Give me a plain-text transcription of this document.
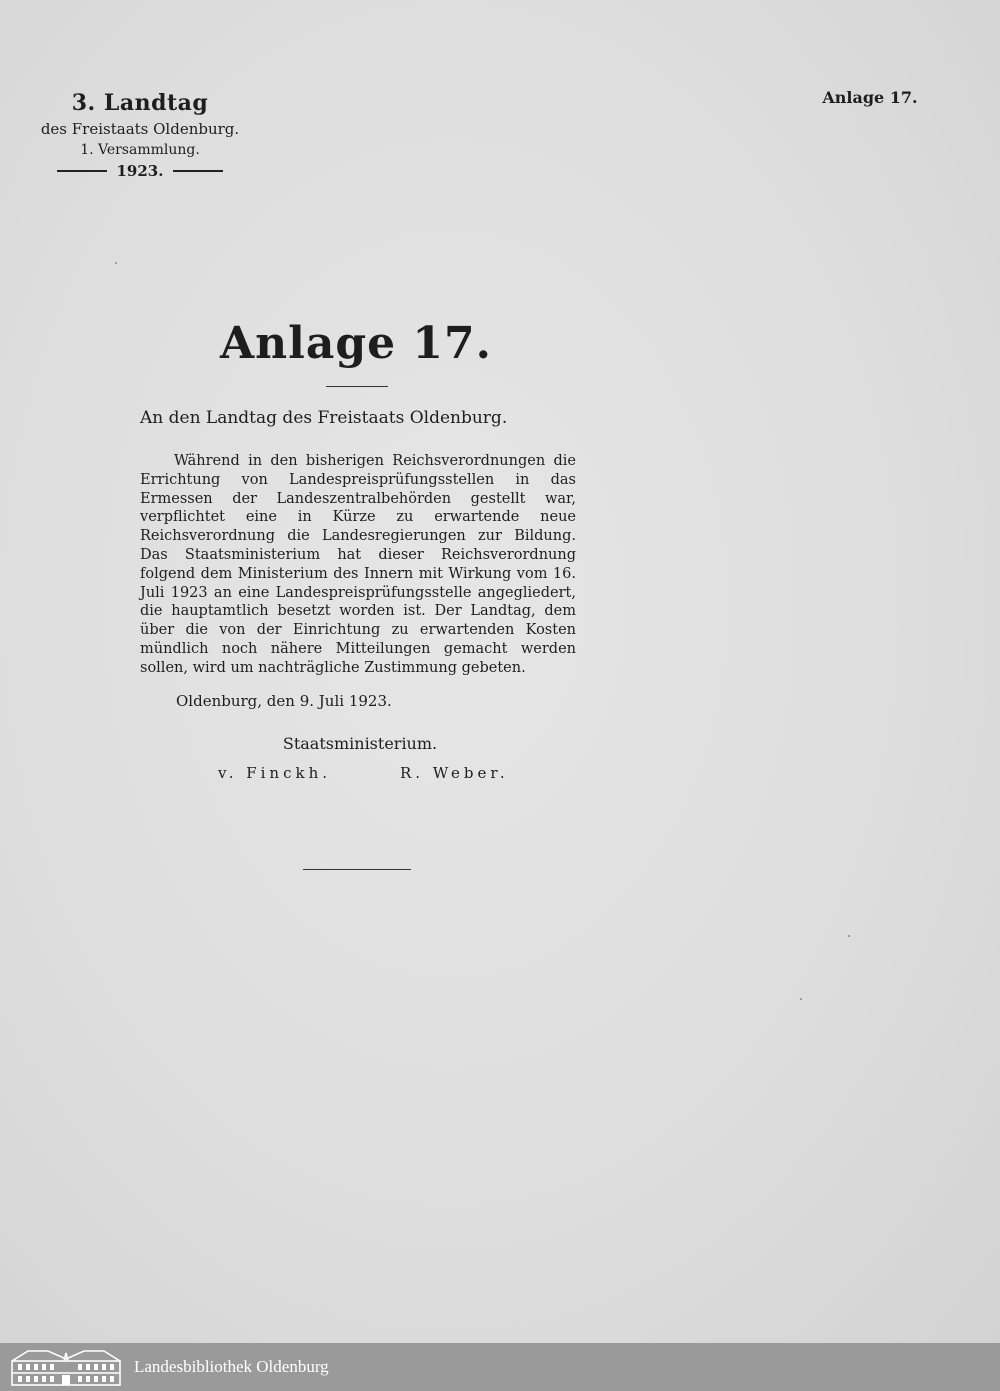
3. Landtag
des Freistaats Oldenburg.
1. Versammlung.
1923.
Anlage 17.
Anlage 17.
An den Landtag des Freistaats Oldenburg.
Während in den bisherigen Reichsverordnungen die Errichtung von Landespreisprüfungsstellen in das Ermessen der Landeszentralbehörden gestellt war, verpflichtet eine in Kürze zu erwartende neue Reichsverordnung die Landesregierungen zur Bildung. Das Staatsministerium hat dieser Reichsverordnung folgend dem Ministerium des Innern mit Wirkung vom 16. Juli 1923 an eine Landespreisprüfungsstelle angegliedert, die hauptamtlich besetzt worden ist. Der Landtag, dem über die von der Einrichtung zu erwartenden Kosten mündlich noch nähere Mitteilungen gemacht werden sollen, wird um nachträgliche Zustimmung gebeten.
Oldenburg, den 9. Juli 1923.
Staatsministerium.
v. Finckh.	R. Weber.
Landesbibliothek Oldenburg
